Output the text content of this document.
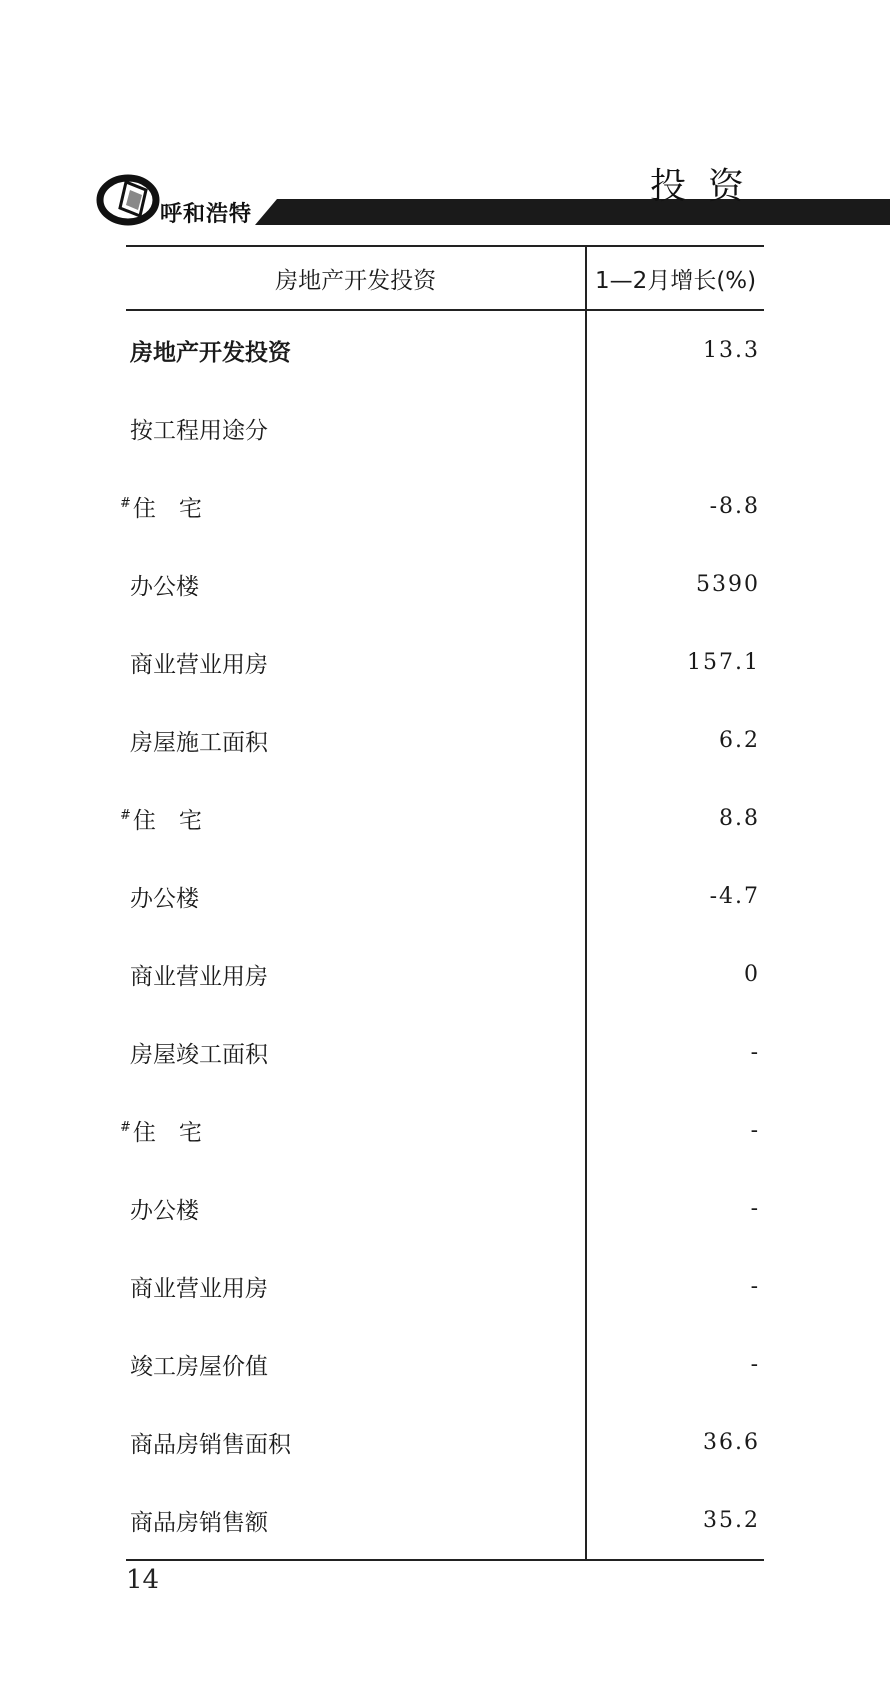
呼和浩特
投资
房地产开发投资	1—2月增长(%)
房地产开发投资	13.3
按工程用途分	
#住　宅	-8.8
办公楼	5390
商业营业用房	157.1
房屋施工面积	6.2
#住　宅	8.8
办公楼	-4.7
商业营业用房	0
房屋竣工面积	-
#住　宅	-
办公楼	-
商业营业用房	-
竣工房屋价值	-
商品房销售面积	36.6
商品房销售额	35.2
14
